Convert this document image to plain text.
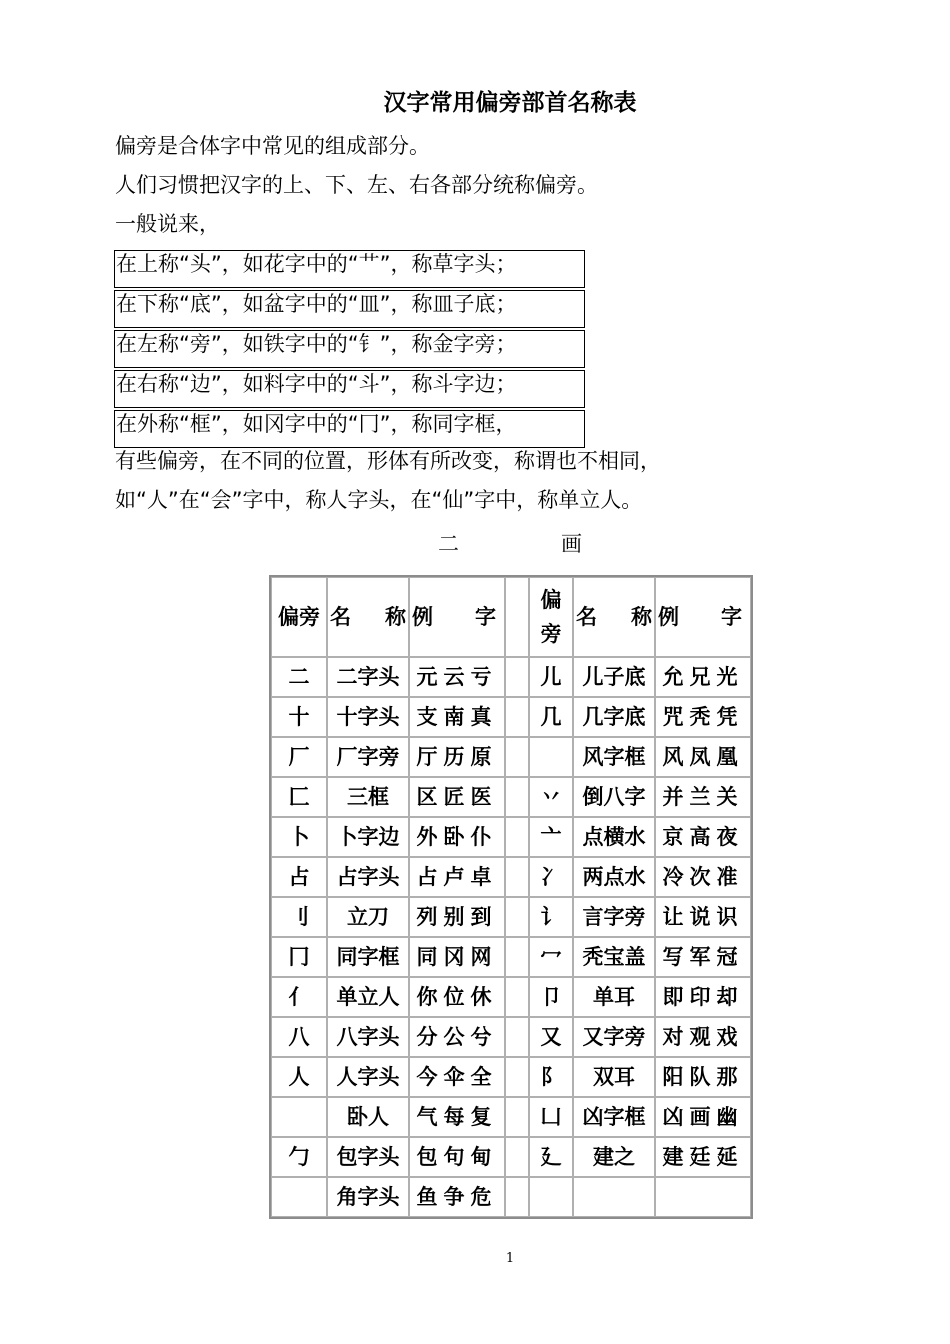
汉字常用偏旁部首名称表
偏旁是合体字中常见的组成部分。
人们习惯把汉字的上、下、左、右各部分统称偏旁。
一般说来，
在上称“头”，如花字中的“艹”，称草字头；
在下称“底”，如盆字中的“皿”，称皿子底；
在左称“旁”，如铁字中的“钅”，称金字旁；
在右称“边”，如料字中的“斗”，称斗字边；
在外称“框”，如冈字中的“冂”，称同字框，
有些偏旁，在不同的位置，形体有所改变，称谓也不相同，
如“人”在“会”字中，称人字头，在“仙”字中，称单立人。
二	画
偏旁	名 称	例 字		偏旁	名 称	例 字

二	二字头	元云亏		儿	儿子底	允兄光
十	十字头	支南真		几	几字底	咒秃凭
厂	厂字旁	厅历原			风字框	风凤凰
匚	三框	区匠医		丷	倒八字	并兰关
卜	卜字边	外卧仆		亠	点横水	京高夜
占	占字头	占卢卓		冫	两点水	冷次准
刂	立刀	列别到		讠	言字旁	让说识
冂	同字框	同冈网		冖	秃宝盖	写军冠
亻	单立人	你位休		卩	单耳	即印却
八	八字头	分公兮		又	又字旁	对观戏
人	人字头	今伞全		阝	双耳	阳队那
	卧人	气每复		凵	凶字框	凶画幽
勹	包字头	包句甸		廴	建之	建廷延
	角字头	鱼争危				
1
